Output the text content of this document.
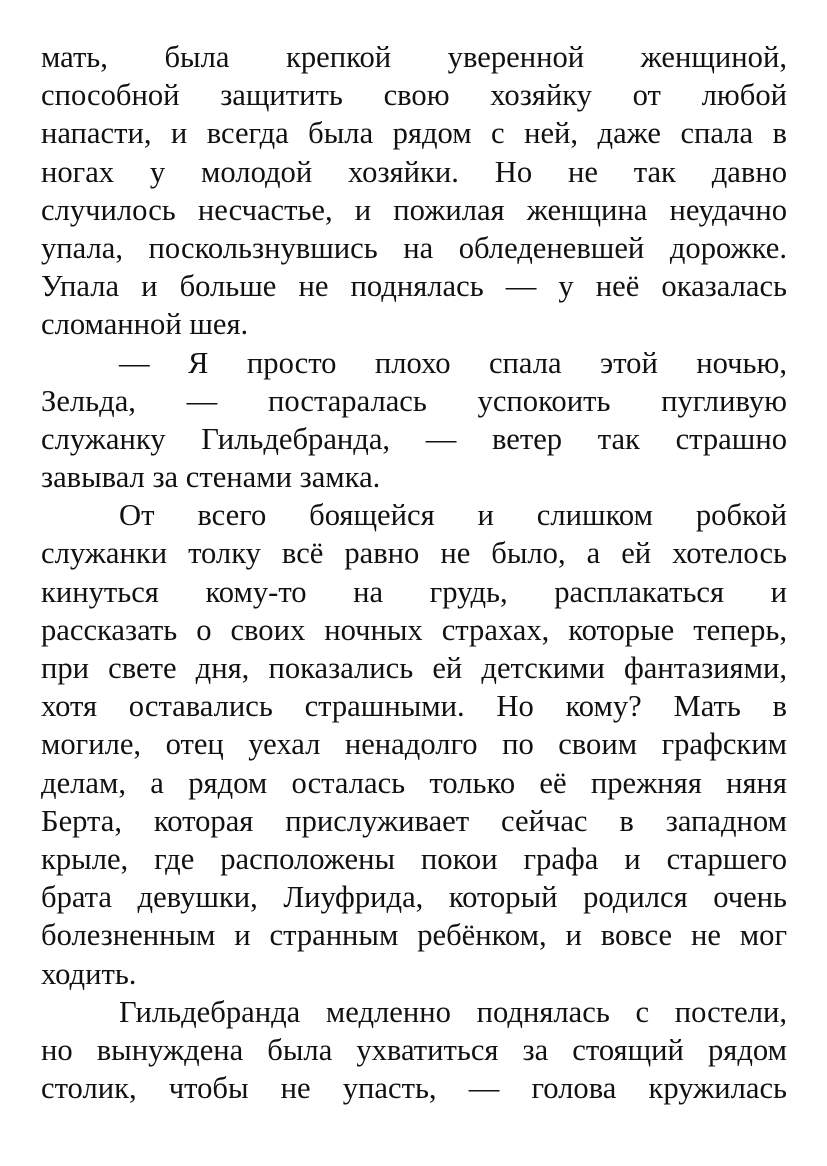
мать, была крепкой уверенной женщиной,
способной защитить свою хозяйку от любой
напасти, и всегда была рядом с ней, даже спала в
ногах у молодой хозяйки. Но не так давно
случилось несчастье, и пожилая женщина неудачно
упала, поскользнувшись на обледеневшей дорожке.
Упала и больше не поднялась — у неё оказалась
сломанной шея.
— Я просто плохо спала этой ночью,
Зельда, — постаралась успокоить пугливую
служанку Гильдебранда, — ветер так страшно
завывал за стенами замка.
От всего боящейся и слишком робкой
служанки толку всё равно не было, а ей хотелось
кинуться кому-то на грудь, расплакаться и
рассказать о своих ночных страхах, которые теперь,
при свете дня, показались ей детскими фантазиями,
хотя оставались страшными. Но кому? Мать в
могиле, отец уехал ненадолго по своим графским
делам, а рядом осталась только её прежняя няня
Берта, которая прислуживает сейчас в западном
крыле, где расположены покои графа и старшего
брата девушки, Лиуфрида, который родился очень
болезненным и странным ребёнком, и вовсе не мог
ходить.
Гильдебранда медленно поднялась с постели,
но вынуждена была ухватиться за стоящий рядом
столик, чтобы не упасть, — голова кружилась
